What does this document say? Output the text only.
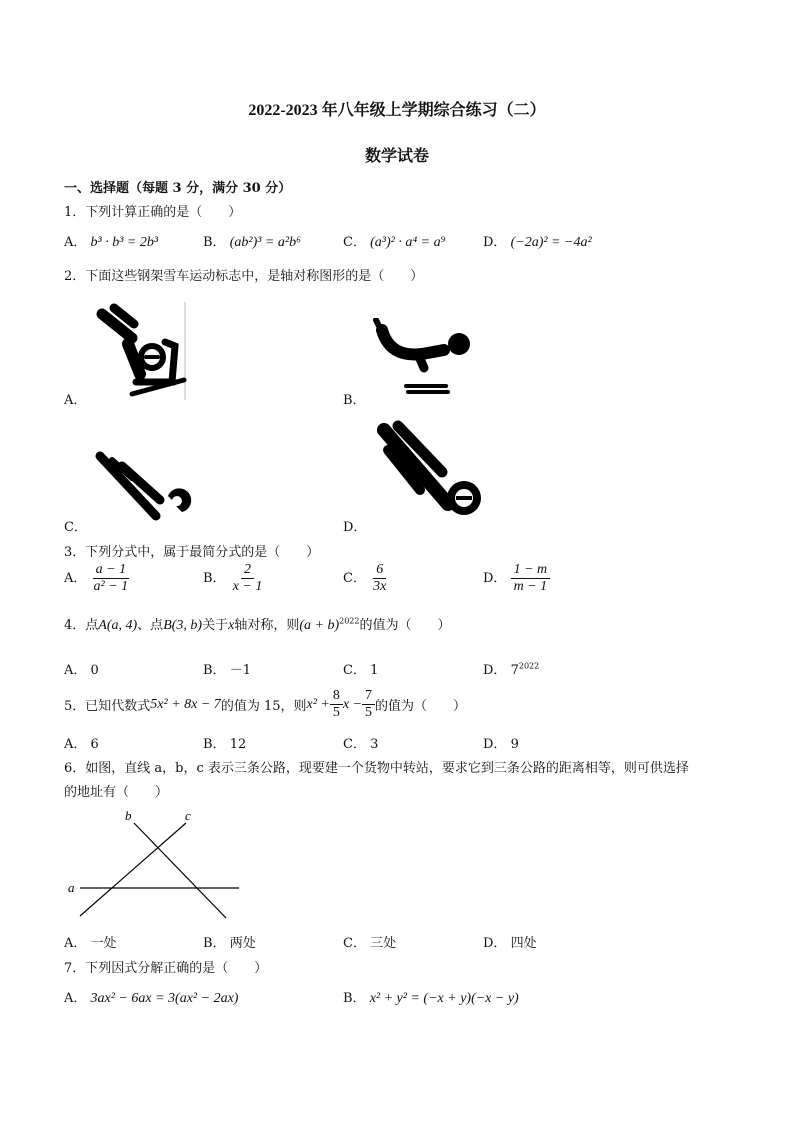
2022-2023 年八年级上学期综合练习（二）
数学试卷
一、选择题（每题 3 分，满分 30 分）
1．下列计算正确的是（　　）
A． b³ · b³ = 2b³	B． (ab²)³ = a²b⁶	C． (a³)² · a⁴ = a⁹	D． (−2a)² = −4a²
2．下面这些钢架雪车运动标志中，是轴对称图形的是（　　）
A．	B．
C．	D．
3．下列分式中，属于最简分式的是（　　）
A． $\frac{a - 1}{\text{a² − 1}}$	B． $\frac{2}{x - 1}$	C． $\frac{6}{3x}$	D． $\frac{1 - m}{m - 1}$
4．点A(a, 4)、点B(3, b)关于x轴对称，则$(a + b)^{2022}$的值为（　　）
A． 0	B． －1	C． 1	D． $7^{2022}$
5．已知代数式 5x² + 8x − 7 的值为 15，则 $x^2 + \frac{8}{5}$ $x - \frac{7}{5}$ 的值为（　　）
A． 6	B． 12	C． 3	D． 9
6．如图，直线 a，b，c 表示三条公路，现要建一个货物中转站，要求它到三条公路的距离相等，则可供选择
的地址有（　　）
a
b	c
A． 一处	B． 两处	C． 三处	D． 四处
7．下列因式分解正确的是（　　）
A． 3ax² − 6ax = 3(ax² − 2ax)	B． x² + y² = (−x + y)(−x − y)
